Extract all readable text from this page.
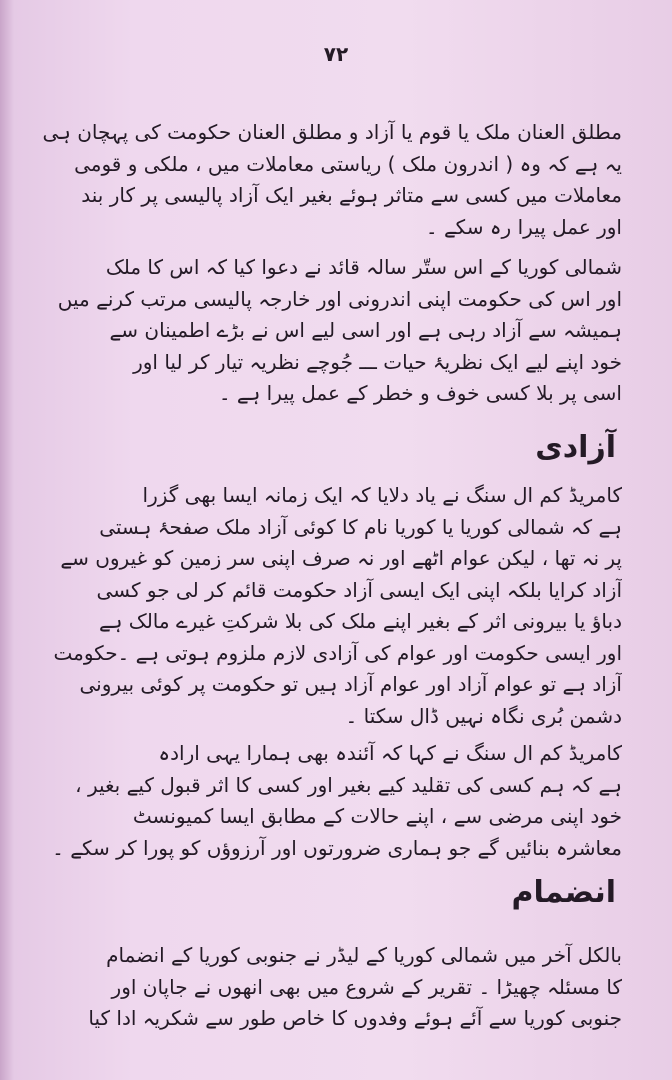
۷۲
مطلق العنان ملک یا قوم یا آزاد و مطلق العنان حکومت کی پہچان ہی
یہ ہے کہ وہ ( اندرون ملک ) ریاستی معاملات میں ، ملکی و قومی
معاملات میں کسی سے متاثر ہوئے بغیر ایک آزاد پالیسی پر کار بند
اور عمل پیرا رہ سکے ۔
شمالی کوریا کے اس ستّر سالہ قائد نے دعوا کیا کہ اس کا ملک
اور اس کی حکومت اپنی اندرونی اور خارجہ پالیسی مرتب کرنے میں
ہمیشہ سے آزاد رہی ہے اور اسی لیے اس نے بڑے اطمینان سے
خود اپنے لیے ایک نظریۂ حیات ـــ جُوچے نظریہ تیار کر لیا اور
اسی پر بلا کسی خوف و خطر کے عمل پیرا ہے ۔
آزادی
کامریڈ کم ال سنگ نے یاد دلایا کہ ایک زمانہ ایسا بھی گزرا
ہے کہ شمالی کوریا یا کوریا نام کا کوئی آزاد ملک صفحۂ ہستی
پر نہ تھا ، لیکن عوام اٹھے اور نہ صرف اپنی سر زمین کو غیروں سے
آزاد کرایا بلکہ اپنی ایک ایسی آزاد حکومت قائم کر لی جو کسی
دباؤ یا بیرونی اثر کے بغیر اپنے ملک کی بلا شرکتِ غیرے مالک ہے
اور ایسی حکومت اور عوام کی آزادی لازم ملزوم ہوتی ہے ۔حکومت
آزاد ہے تو عوام آزاد اور عوام آزاد ہیں تو حکومت پر کوئی بیرونی
دشمن بُری نگاہ نہیں ڈال سکتا ۔
کامریڈ کم ال سنگ نے کہا کہ آئندہ بھی ہمارا یہی ارادہ
ہے کہ ہم کسی کی تقلید کیے بغیر اور کسی کا اثر قبول کیے بغیر ،
خود اپنی مرضی سے ، اپنے حالات کے مطابق ایسا کمیونسٹ
معاشرہ بنائیں گے جو ہماری ضرورتوں اور آرزوؤں کو پورا کر سکے ۔
انضمام
بالکل آخر میں شمالی کوریا کے لیڈر نے جنوبی کوریا کے انضمام
کا مسئلہ چھیڑا ۔ تقریر کے شروع میں بھی انھوں نے جاپان اور
جنوبی کوریا سے آئے ہوئے وفدوں کا خاص طور سے شکریہ ادا کیا
